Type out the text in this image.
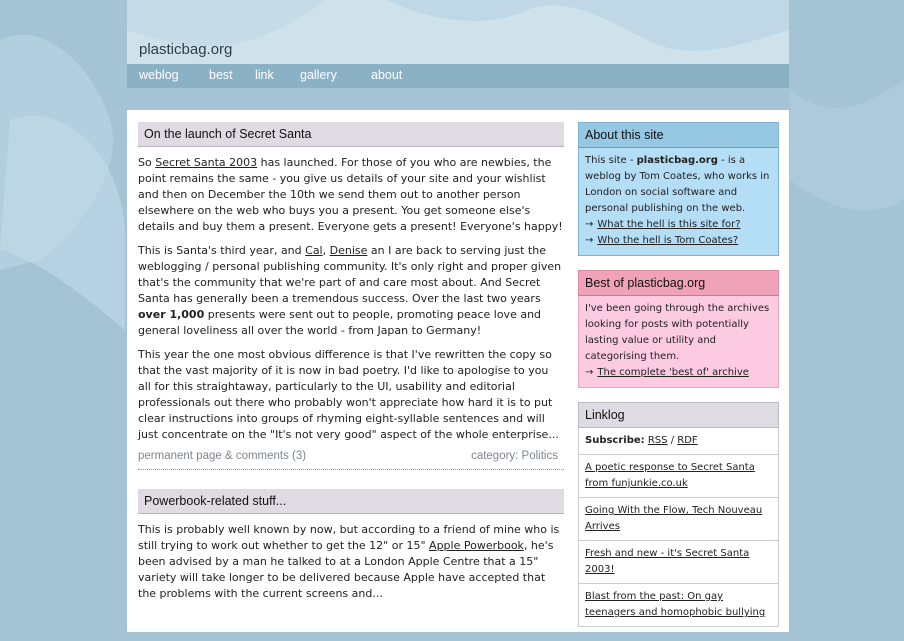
plasticbag.org
weblog best link gallery	about
On the launch of Secret Santa

So Secret Santa 2003 has launched. For those of you who are newbies, the point remains the same - you give us details of your site and your wishlist and then on December the 10th we send them out to another person elsewhere on the web who buys you a present. You get someone else's details and buy them a present. Everyone gets a present! Everyone's happy!

This is Santa's third year, and Cal, Denise an I are back to serving just the weblogging / personal publishing community. It's only right and proper given that's the community that we're part of and care most about. And Secret Santa has generally been a tremendous success. Over the last two years over 1,000 presents were sent out to people, promoting peace love and general loveliness all over the world - from Japan to Germany!

This year the one most obvious difference is that I've rewritten the copy so that the vast majority of it is now in bad poetry. I'd like to apologise to you all for this straightaway, particularly to the UI, usability and editorial professionals out there who probably won't appreciate how hard it is to put clear instructions into groups of rhyming eight-syllable sentences and will just concentrate on the "It's not very good" aspect of the whole enterprise...

permanent page & comments (3)	category: Politics
Powerbook-related stuff...

This is probably well known by now, but according to a friend of mine who is still trying to work out whether to get the 12" or 15" Apple Powerbook, he's been advised by a man he talked to at a London Apple Centre that a 15" variety will take longer to be delivered because Apple have accepted that the problems with the current screens and...

About this site
This site - plasticbag.org - is a weblog by Tom Coates, who works in London on social software and personal publishing on the web.
→ What the hell is this site for?
→ Who the hell is Tom Coates?
Best of plasticbag.org
I've been going through the archives looking for posts with potentially lasting value or utility and categorising them.
→ The complete 'best of' archive
Linklog
Subscribe: RSS / RDF
A poetic response to Secret Santa from funjunkie.co.uk
Going With the Flow, Tech Nouveau Arrives
Fresh and new - it's Secret Santa 2003!
Blast from the past: On gay teenagers and homophobic bullying
